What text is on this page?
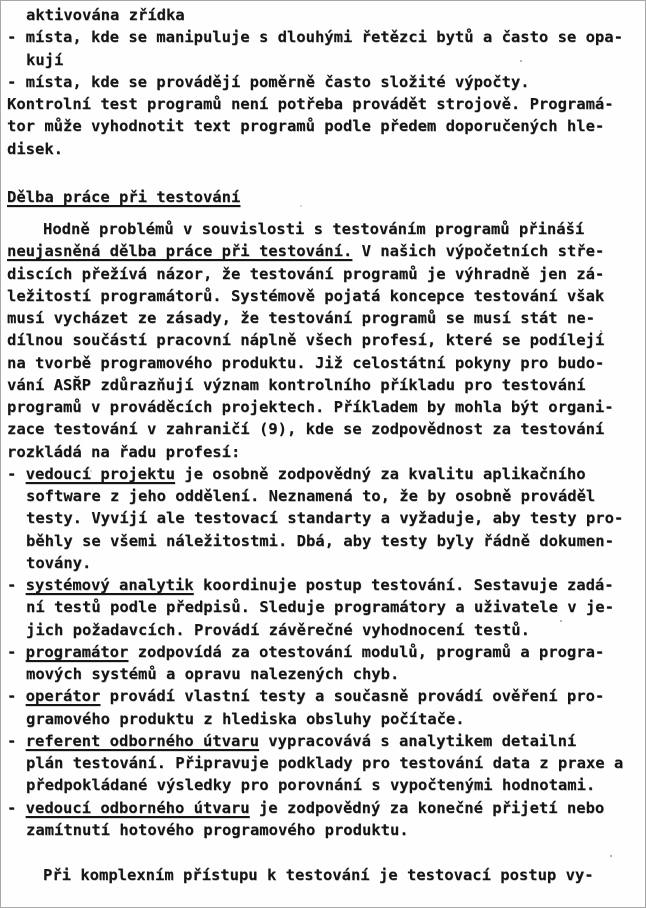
aktivována zřídka
- místa, kde se manipuluje s dlouhými řetězci bytů a často se opa-
kují
- místa, kde se provádějí poměrně často složité výpočty.
Kontrolní test programů není potřeba provádět strojově. Programá-
tor může vyhodnotit text programů podle předem doporučených hle-
disek.
Dělba práce při testování
Hodně problémů v souvislosti s testováním programů přináší
neujasněná dělba práce při testování. V našich výpočetních stře-
discích přežívá názor, že testování programů je výhradně jen zá-
ležitostí programátorů. Systémově pojatá koncepce testování však
musí vycházet ze zásady, že testování programů se musí stát ne-
dílnou součástí pracovní náplně všech profesí, které se podílejí
na tvorbě programového produktu. Již celostátní pokyny pro budo-
vání ASŘP zdůrazňují význam kontrolního příkladu pro testování
programů v prováděcích projektech. Příkladem by mohla být organi-
zace testování v zahraničí (9), kde se zodpovědnost za testování
rozkládá na řadu profesí:
- vedoucí projektu je osobně zodpovědný za kvalitu aplikačního
software z jeho oddělení. Neznamená to, že by osobně prováděl
testy. Vyvíjí ale testovací standarty a vyžaduje, aby testy pro-
běhly se všemi náležitostmi. Dbá, aby testy byly řádně dokumen-
továny.
- systémový analytik koordinuje postup testování. Sestavuje zadá-
ní testů podle předpisů. Sleduje programátory a uživatele v je-
jich požadavcích. Provádí závěrečné vyhodnocení testů.
- programátor zodpovídá za otestování modulů, programů a progra-
mových systémů a opravu nalezených chyb.
- operátor provádí vlastní testy a současně provádí ověření pro-
gramového produktu z hlediska obsluhy počítače.
- referent odborného útvaru vypracovává s analytikem detailní
plán testování. Připravuje podklady pro testování data z praxe a
předpokládané výsledky pro porovnání s vypočtenými hodnotami.
- vedoucí odborného útvaru je zodpovědný za konečné přijetí nebo
zamítnutí hotového programového produktu.
Při komplexním přístupu k testování je testovací postup vy-
